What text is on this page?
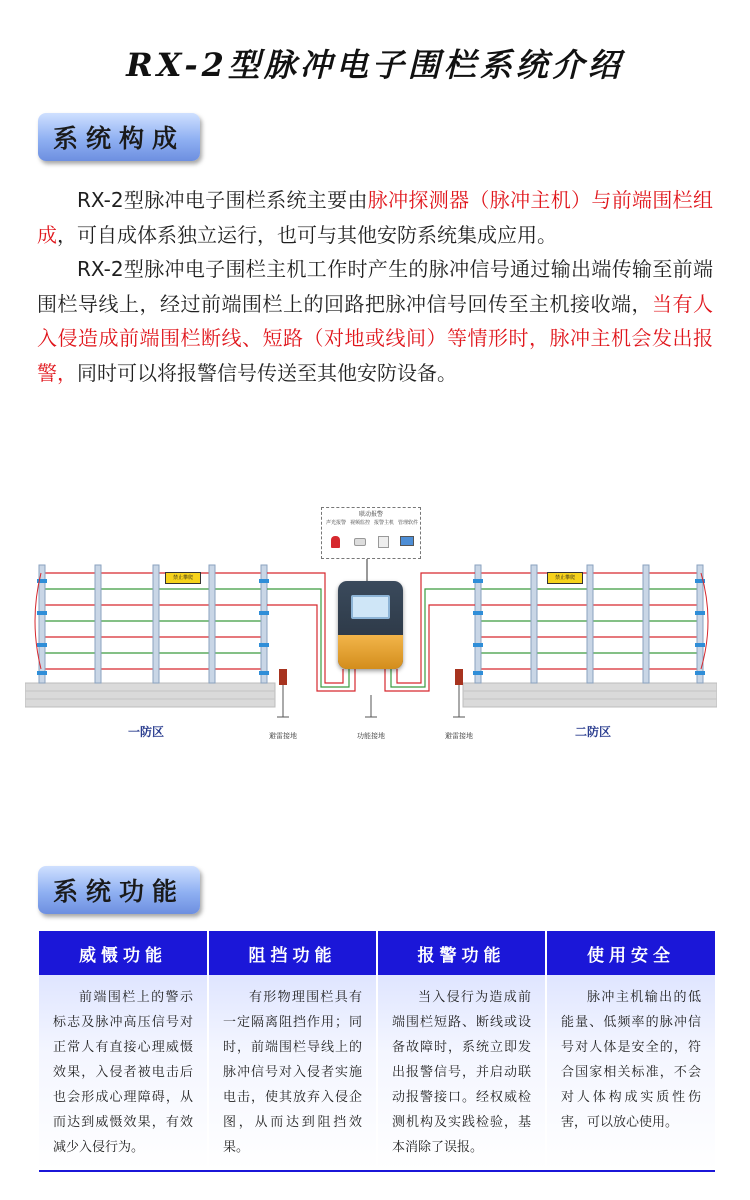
RX-2型脉冲电子围栏系统介绍
系统构成

RX-2型脉冲电子围栏系统主要由脉冲探测器（脉冲主机）与前端围栏组成，可自成体系独立运行，也可与其他安防系统集成应用。

RX-2型脉冲电子围栏主机工作时产生的脉冲信号通过输出端传输至前端围栏导线上，经过前端围栏上的回路把脉冲信号回传至主机接收端，当有人入侵造成前端围栏断线、短路（对地或线间）等情形时，脉冲主机会发出报警，同时可以将报警信号传送至其他安防设备。

联动报警
声光报警 视频监控 报警主机 管理软件
禁止攀爬	禁止攀爬
避雷接地	功能接地	避雷接地
一防区	二防区
系统功能
威慑功能	阻挡功能	报警功能	使用安全
前端围栏上的警示标志及脉冲高压信号对正常人有直接心理威慑效果，入侵者被电击后也会形成心理障碍，从而达到威慑效果，有效减少入侵行为。	有形物理围栏具有一定隔离阻挡作用；同时，前端围栏导线上的脉冲信号对入侵者实施电击，使其放弃入侵企图，从而达到阻挡效果。	当入侵行为造成前端围栏短路、断线或设备故障时，系统立即发出报警信号，并启动联动报警接口。经权威检测机构及实践检验，基本消除了误报。	脉冲主机输出的低能量、低频率的脉冲信号对人体是安全的，符合国家相关标准，不会对人体构成实质性伤害，可以放心使用。
